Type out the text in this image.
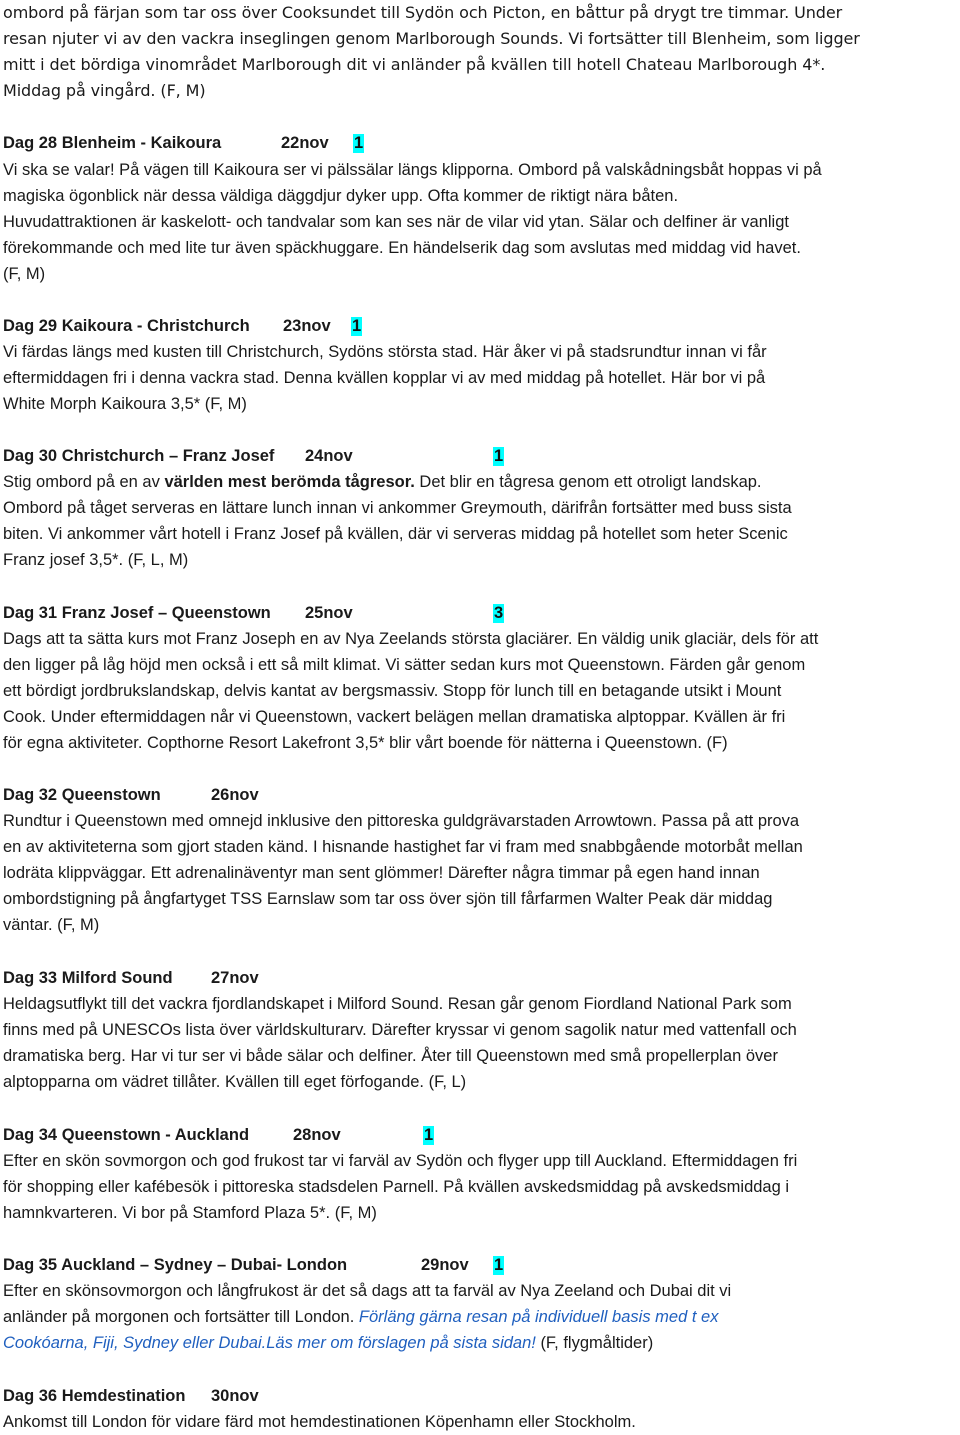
ombord på färjan som tar oss över Cooksundet till Sydön och Picton, en båttur på drygt tre timmar. Under
resan njuter vi av den vackra inseglingen genom Marlborough Sounds. Vi fortsätter till Blenheim, som ligger
mitt i det bördiga vinområdet Marlborough dit vi anländer på kvällen till hotell Chateau Marlborough 4*.
Middag på vingård. (F, M)
Dag 28 Blenheim - Kaikoura	22nov 1
Vi ska se valar! På vägen till Kaikoura ser vi pälssälar längs klipporna. Ombord på valskådningsbåt hoppas vi på
magiska ögonblick när dessa väldiga däggdjur dyker upp. Ofta kommer de riktigt nära båten.
Huvudattraktionen är kaskelott- och tandvalar som kan ses när de vilar vid ytan. Sälar och delfiner är vanligt
förekommande och med lite tur även späckhuggare. En händelserik dag som avslutas med middag vid havet.
(F, M)
Dag 29 Kaikoura - Christchurch 23nov 1
Vi färdas längs med kusten till Christchurch, Sydöns största stad. Här åker vi på stadsrundtur innan vi får
eftermiddagen fri i denna vackra stad. Denna kvällen kopplar vi av med middag på hotellet. Här bor vi på
White Morph Kaikoura 3,5* (F, M)
Dag 30 Christchurch – Franz Josef 24nov	1
Stig ombord på en av världen mest berömda tågresor. Det blir en tågresa genom ett otroligt landskap.
Ombord på tåget serveras en lättare lunch innan vi ankommer Greymouth, därifrån fortsätter med buss sista
biten. Vi ankommer vårt hotell i Franz Josef på kvällen, där vi serveras middag på hotellet som heter Scenic
Franz josef 3,5*. (F, L, M)
Dag 31 Franz Josef – Queenstown 25nov	3
Dags att ta sätta kurs mot Franz Joseph en av Nya Zeelands största glaciärer. En väldig unik glaciär, dels för att
den ligger på låg höjd men också i ett så milt klimat. Vi sätter sedan kurs mot Queenstown. Färden går genom
ett bördigt jordbrukslandskap, delvis kantat av bergsmassiv. Stopp för lunch till en betagande utsikt i Mount
Cook. Under eftermiddagen når vi Queenstown, vackert belägen mellan dramatiska alptoppar. Kvällen är fri
för egna aktiviteter. Copthorne Resort Lakefront 3,5* blir vårt boende för nätterna i Queenstown. (F)
Dag 32 Queenstown	26nov
Rundtur i Queenstown med omnejd inklusive den pittoreska guldgrävarstaden Arrowtown. Passa på att prova
en av aktiviteterna som gjort staden känd. I hisnande hastighet far vi fram med snabbgående motorbåt mellan
lodräta klippväggar. Ett adrenalinäventyr man sent glömmer! Därefter några timmar på egen hand innan
ombordstigning på ångfartyget TSS Earnslaw som tar oss över sjön till fårfarmen Walter Peak där middag
väntar. (F, M)
Dag 33 Milford Sound 27nov
Heldagsutflykt till det vackra fjordlandskapet i Milford Sound. Resan går genom Fiordland National Park som
finns med på UNESCOs lista över världskulturarv. Därefter kryssar vi genom sagolik natur med vattenfall och
dramatiska berg. Har vi tur ser vi både sälar och delfiner. Åter till Queenstown med små propellerplan över
alptopparna om vädret tillåter. Kvällen till eget förfogande. (F, L)
Dag 34 Queenstown - Auckland	28nov	1
Efter en skön sovmorgon och god frukost tar vi farväl av Sydön och flyger upp till Auckland. Eftermiddagen fri
för shopping eller kafébesök i pittoreska stadsdelen Parnell. På kvällen avskedsmiddag på avskedsmiddag i
hamnkvarteren. Vi bor på Stamford Plaza 5*. (F, M)
Dag 35 Auckland – Sydney – Dubai- London	29nov 1
Efter en skönsovmorgon och långfrukost är det så dags att ta farväl av Nya Zeeland och Dubai dit vi
anländer på morgonen och fortsätter till London. Förläng gärna resan på individuell basis med t ex
Cookóarna, Fiji, Sydney eller Dubai.Läs mer om förslagen på sista sidan! (F, flygmåltider)
Dag 36 Hemdestination 30nov
Ankomst till London för vidare färd mot hemdestinationen Köpenhamn eller Stockholm.
